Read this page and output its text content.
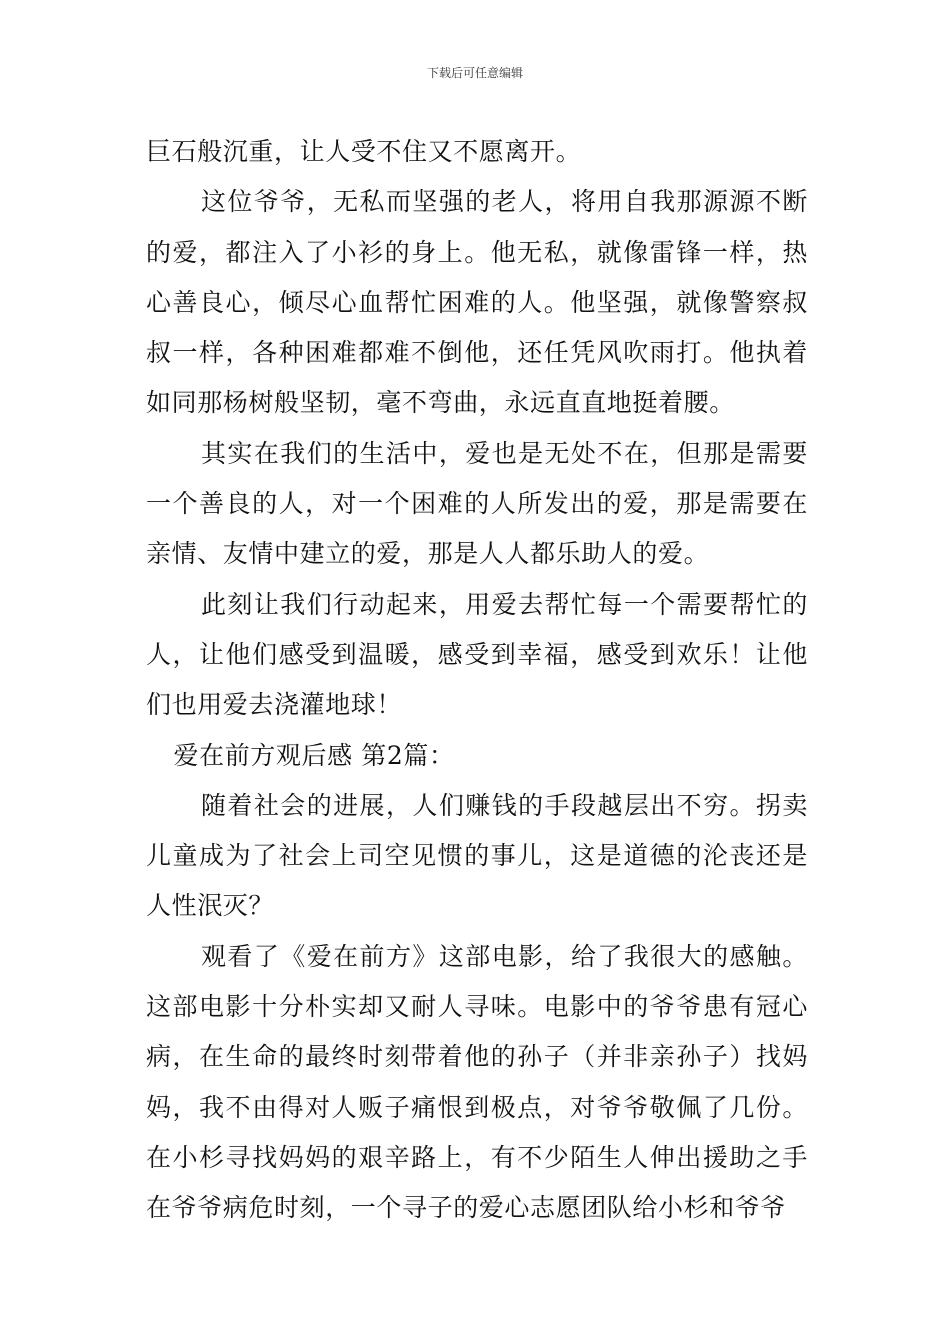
下载后可任意编辑

巨石般沉重，让人受不住又不愿离开。

这位爷爷，无私而坚强的老人，将用自我那源源不断的爱，都注入了小衫的身上。他无私，就像雷锋一样，热心善良心，倾尽心血帮忙困难的人。他坚强，就像警察叔叔一样，各种困难都难不倒他，还任凭风吹雨打。他执着如同那杨树般坚韧，毫不弯曲，永远直直地挺着腰。

其实在我们的生活中，爱也是无处不在，但那是需要一个善良的人，对一个困难的人所发出的爱，那是需要在亲情、友情中建立的爱，那是人人都乐助人的爱。

此刻让我们行动起来，用爱去帮忙每一个需要帮忙的人，让他们感受到温暖，感受到幸福，感受到欢乐！让他们也用爱去浇灌地球！

爱在前方观后感 第2篇：

随着社会的进展，人们赚钱的手段越层出不穷。拐卖儿童成为了社会上司空见惯的事儿，这是道德的沦丧还是人性泯灭？

观看了《爱在前方》这部电影，给了我很大的感触。这部电影十分朴实却又耐人寻味。电影中的爷爷患有冠心病，在生命的最终时刻带着他的孙子（并非亲孙子）找妈妈，我不由得对人贩子痛恨到极点，对爷爷敬佩了几份。在小杉寻找妈妈的艰辛路上，有不少陌生人伸出援助之手在爷爷病危时刻，一个寻子的爱心志愿团队给小杉和爷爷
